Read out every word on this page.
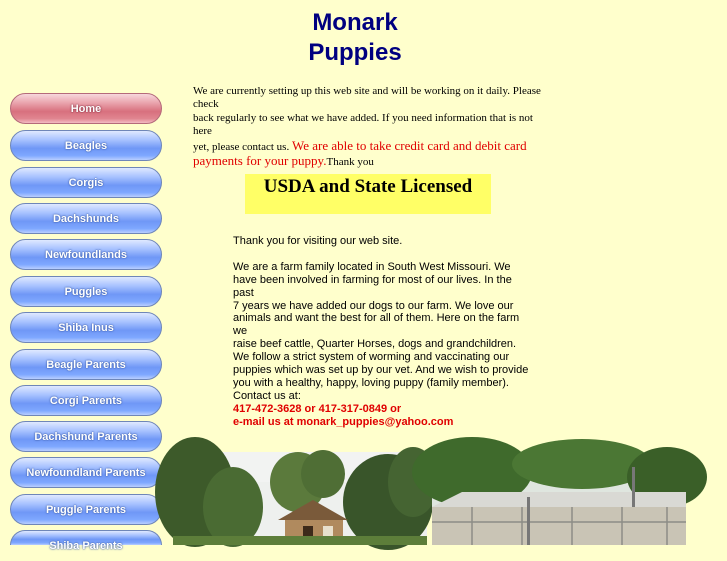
Monark
Puppies
Home
Beagles
Corgis
Dachshunds
Newfoundlands
Puggles
Shiba Inus
Beagle Parents
Corgi Parents
Dachshund Parents
Newfoundland Parents
Puggle Parents
Shiba Parents
We are currently setting up this web site and will be working on it daily. Please
check
back regularly to see what we have added. If you need information that is not here
yet, please contact us. We are able to take credit card and debit card
payments for your puppy.Thank you
USDA and State Licensed
Thank you for visiting our web site.
We are a farm family located in South West Missouri. We
have been involved in farming for most of our lives. In the
past
7 years we have added our dogs to our farm. We love our
animals and want the best for all of them. Here on the farm
we
raise beef cattle, Quarter Horses, dogs and grandchildren.
We follow a strict system of worming and vaccinating our
puppies which was set up by our vet. And we wish to provide
you with a healthy, happy, loving puppy (family member).
Contact us at:
417-472-3628 or 417-317-0849 or
e-mail us at monark_puppies@yahoo.com
